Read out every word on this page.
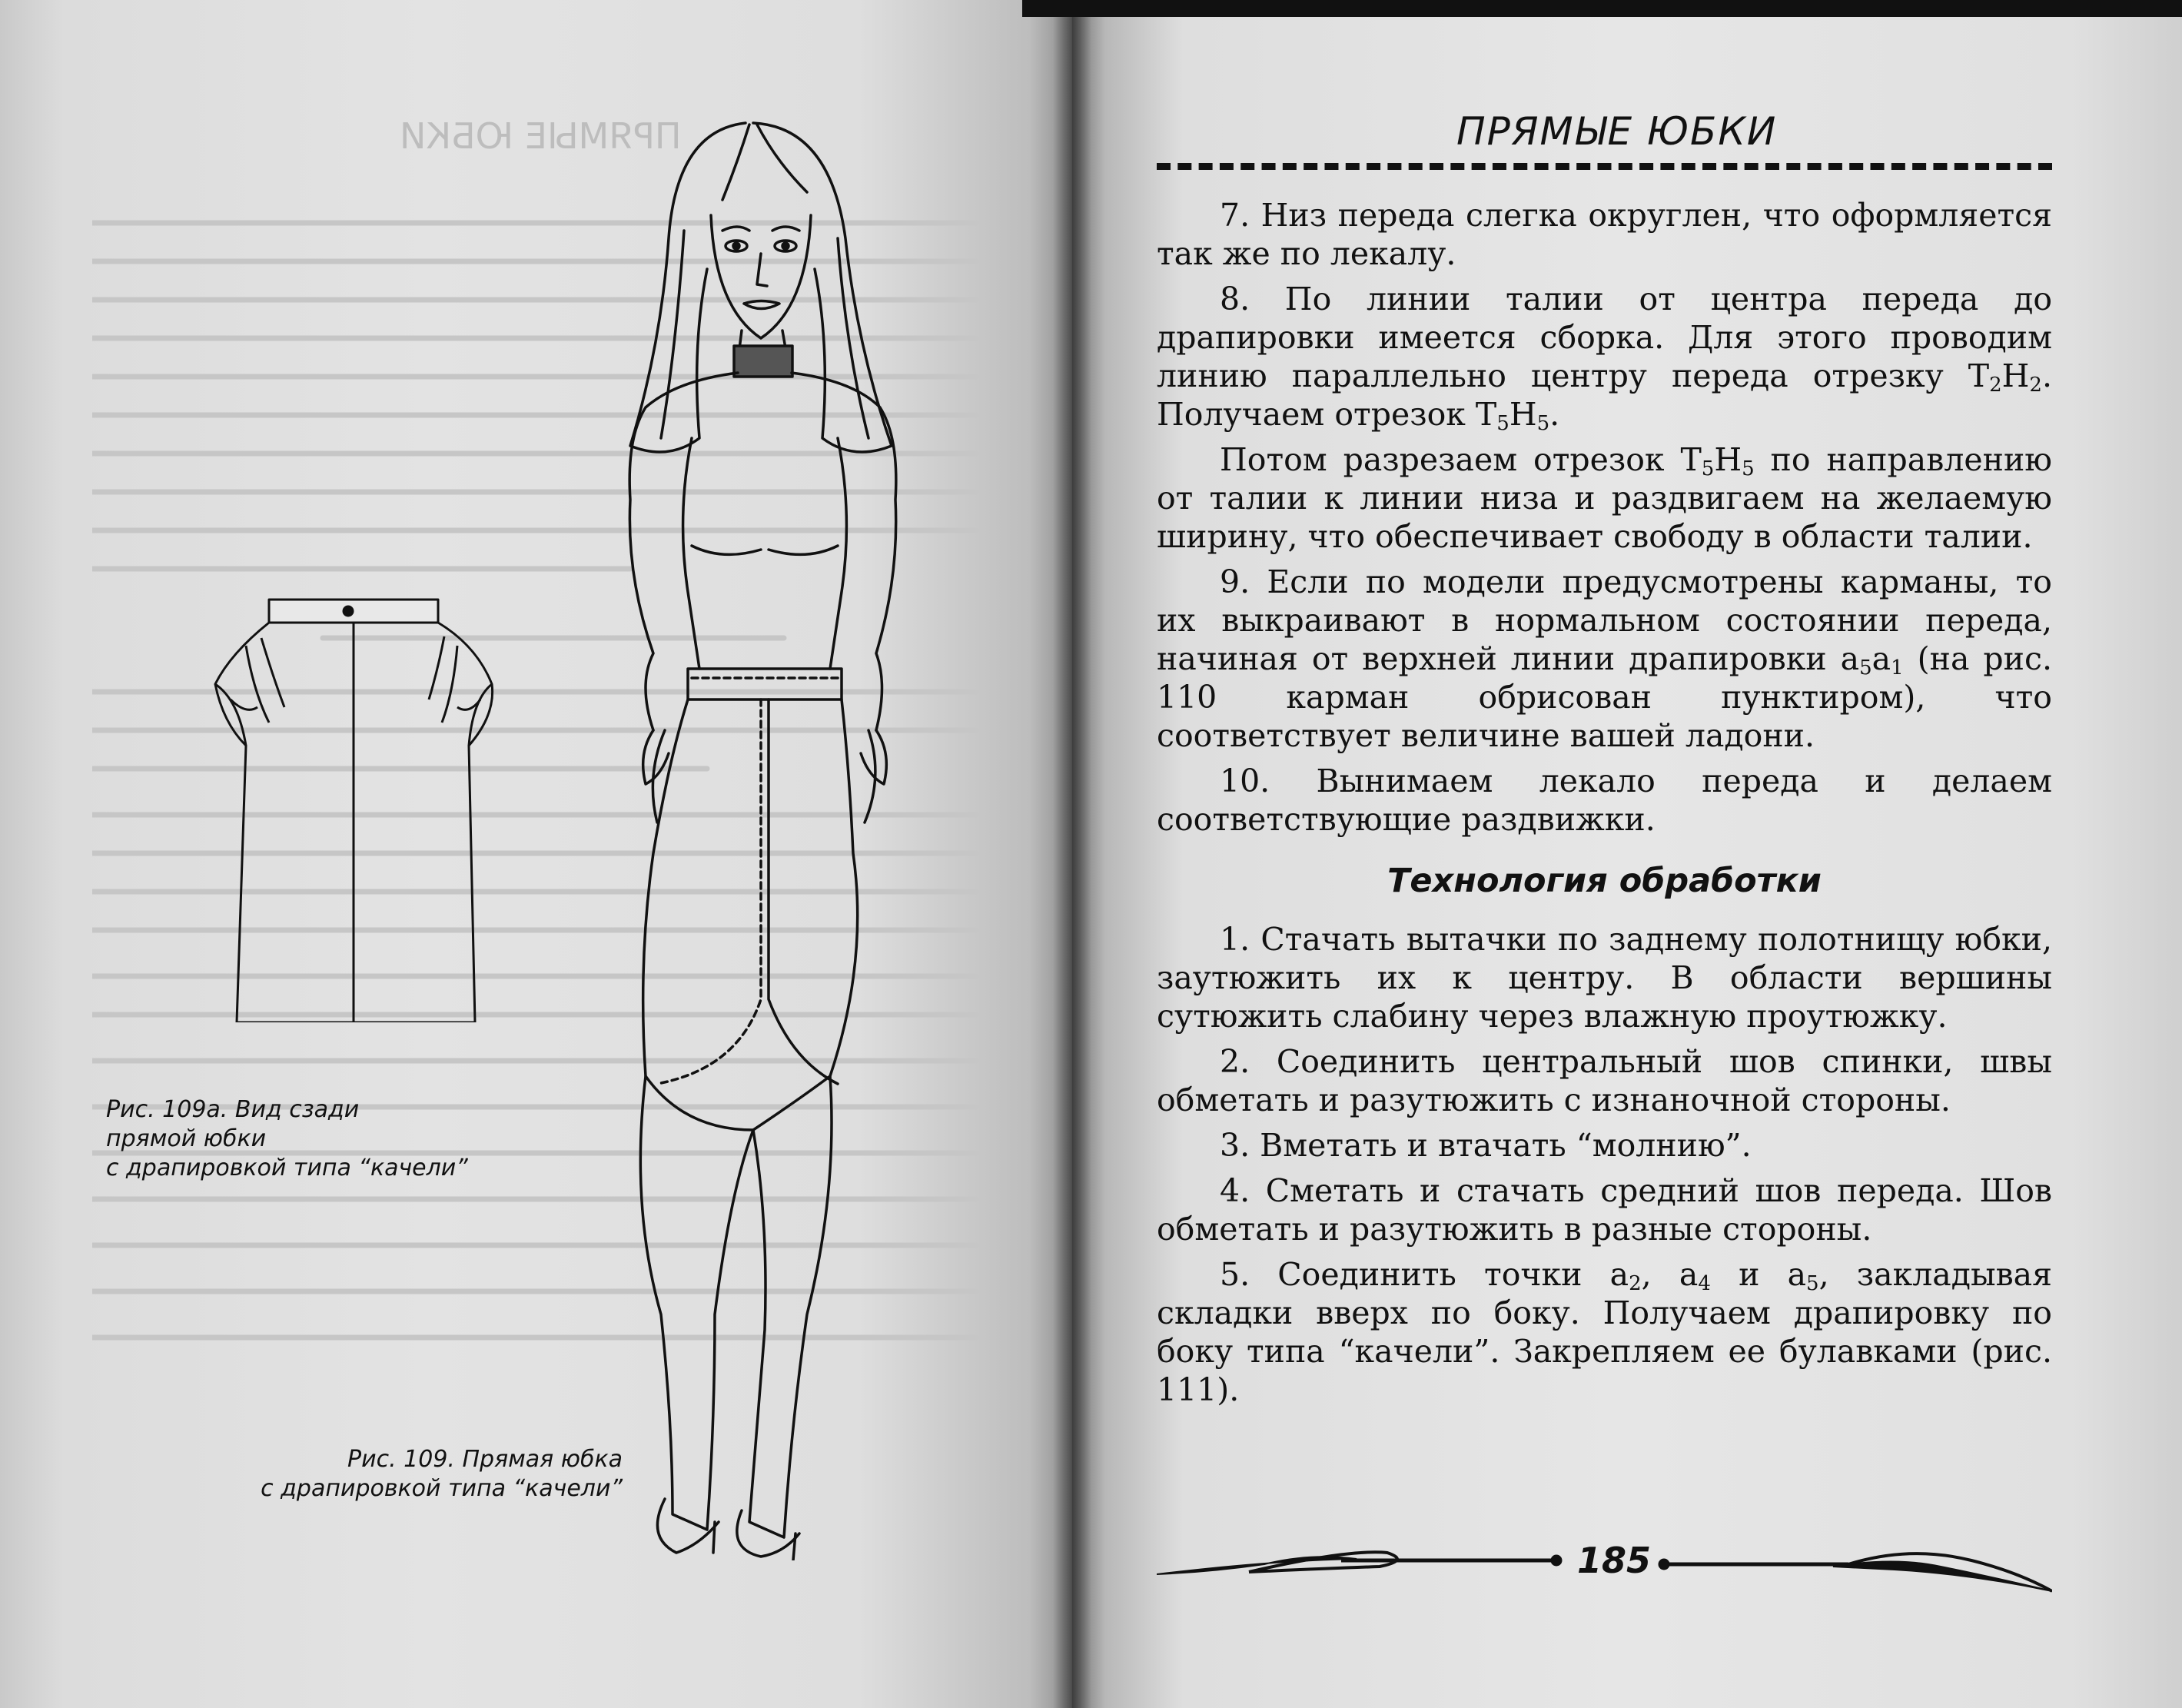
ПРЯМЫЕ ЮБКИ
Рис. 109а. Вид сзади
прямой юбки
с драпировкой типа “качели”
Рис. 109. Прямая юбка
с драпировкой типа “качели”
ПРЯМЫЕ ЮБКИ

7. Низ переда слегка округлен, что оформляется так же по лекалу.

8. По линии талии от центра переда до драпировки имеется сборка. Для этого проводим линию параллельно центру переда отрезку $Т_2Н_2$. Получаем отрезок $Т_5Н_5$.

Потом разрезаем отрезок $Т_5Н_5$ по направлению от талии к линии низа и раздвигаем на желаемую ширину, что обеспечивает свободу в области талии.

9. Если по модели предусмотрены карманы, то их выкраивают в нормальном состоянии переда, начиная от верхней линии драпировки $а_5а_1$ (на рис. 110 карман обрисован пунктиром), что соответствует величине вашей ладони.

10. Вынимаем лекало переда и делаем соответствующие раздвижки.

Технология обработки

1. Стачать вытачки по заднему полотнищу юбки, заутюжить их к центру. В области вершины сутюжить слабину через влажную проутюжку.

2. Соединить центральный шов спинки, швы обметать и разутюжить с изнаночной стороны.

3. Вметать и втачать “молнию”.

4. Сметать и стачать средний шов переда. Шов обметать и разутюжить в разные стороны.

5. Соединить точки $а_2$, $а_4$ и $а_5$, закладывая складки вверх по боку. Получаем драпировку по боку типа “качели”. Закрепляем ее булавками (рис. 111).

185
